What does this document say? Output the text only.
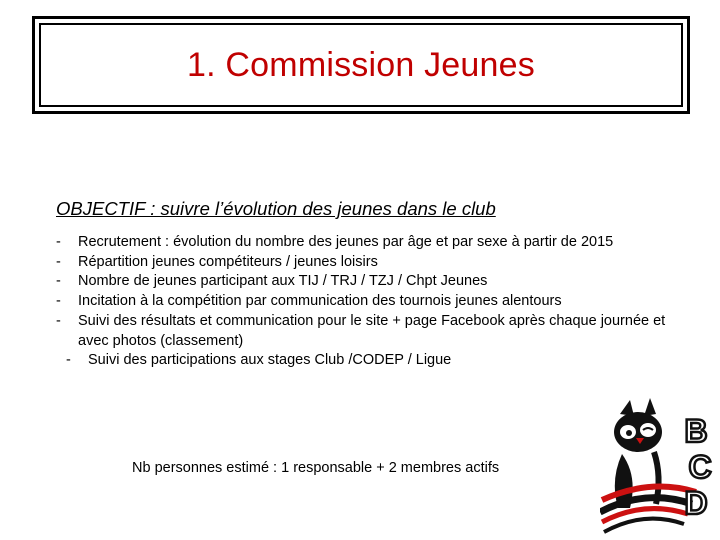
1. Commission Jeunes
OBJECTIF : suivre l’évolution des jeunes dans le club
- Recrutement : évolution du nombre des jeunes par âge et par sexe à partir de 2015
- Répartition jeunes compétiteurs / jeunes loisirs
- Nombre de jeunes participant aux TIJ / TRJ / TZJ / Chpt Jeunes
- Incitation à la compétition par communication des tournois jeunes alentours
- Suivi des résultats et communication pour le site + page Facebook après chaque journée et avec photos (classement)
- Suivi des participations aux stages Club /CODEP / Ligue
Nb personnes estimé : 1 responsable + 2 membres actifs
B
C
D
